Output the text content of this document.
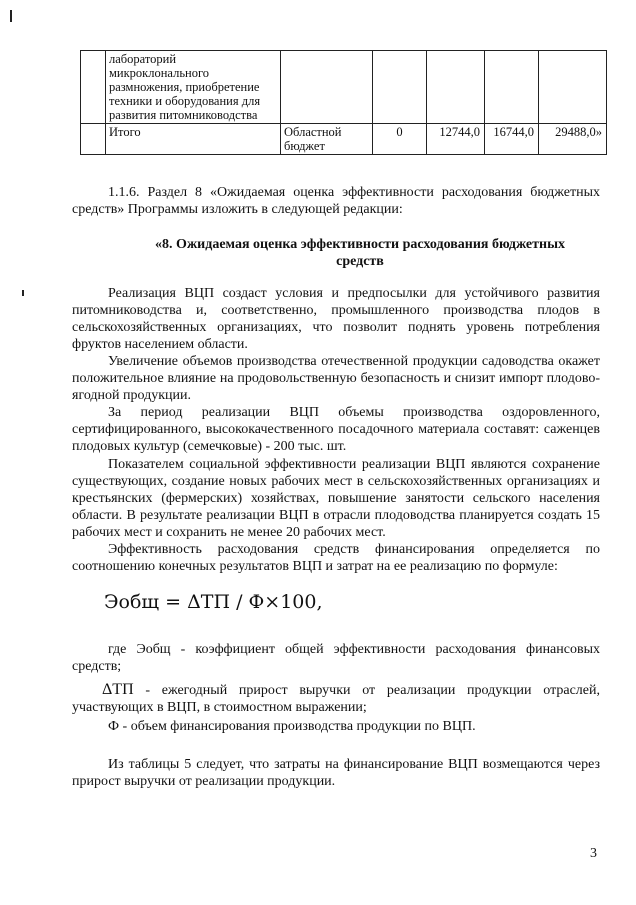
	лабораторий микроклонального размножения, приобретение техники и оборудования для развития питомниководства					
	Итого	Областной бюджет	0	12744,0	16744,0	29488,0»
1.1.6. Раздел 8 «Ожидаемая оценка эффективности расходования бюджетных средств» Программы изложить в следующей редакции:
«8. Ожидаемая оценка эффективности расходования бюджетных средств
Реализация ВЦП создаст условия и предпосылки для устойчивого развития питомниководства и, соответственно, промышленного производства плодов в сельскохозяйственных организациях, что позволит поднять уровень потребления фруктов населением области.
Увеличение объемов производства отечественной продукции садоводства окажет положительное влияние на продовольственную безопасность и снизит импорт плодово-ягодной продукции.
За период реализации ВЦП объемы производства оздоровленного, сертифицированного, высококачественного посадочного материала составят: саженцев плодовых культур (семечковые) - 200 тыс. шт.
Показателем социальной эффективности реализации ВЦП являются сохранение существующих, создание новых рабочих мест в сельскохозяйственных организациях и крестьянских (фермерских) хозяйствах, повышение занятости сельского населения области. В результате реализации ВЦП в отрасли плодоводства планируется создать 15 рабочих мест и сохранить не менее 20 рабочих мест.
Эффективность расходования средств финансирования определяется по соотношению конечных результатов ВЦП и затрат на ее реализацию по формуле:
Эобщ = ΔТП / Ф×100,
где Эобщ - коэффициент общей эффективности расходования финансовых средств;
ΔТП - ежегодный прирост выручки от реализации продукции отраслей, участвующих в ВЦП, в стоимостном выражении;
Ф - объем финансирования производства продукции по ВЦП.
Из таблицы 5 следует, что затраты на финансирование ВЦП возмещаются через прирост выручки от реализации продукции.
3
